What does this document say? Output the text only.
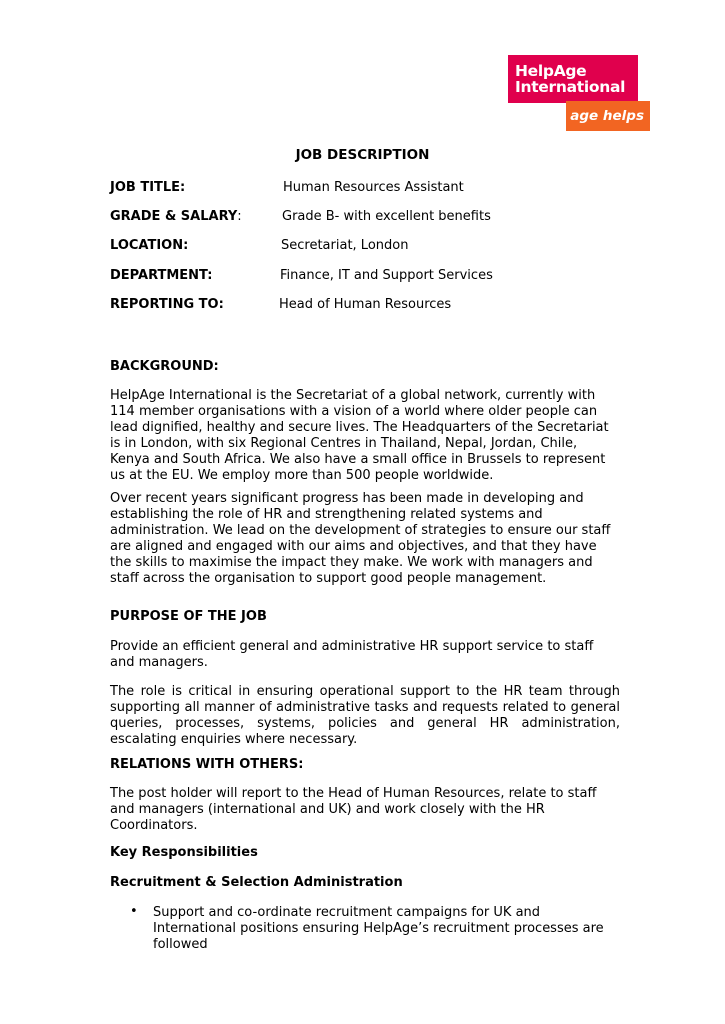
HelpAge
International
age helps
JOB DESCRIPTION
JOB TITLE:	Human Resources Assistant
GRADE & SALARY:	Grade B- with excellent benefits
LOCATION:	Secretariat, London
DEPARTMENT:	Finance, IT and Support Services
REPORTING TO:	Head of Human Resources
BACKGROUND:

HelpAge International is the Secretariat of a global network, currently with 114 member organisations with a vision of a world where older people can lead dignified, healthy and secure lives. The Headquarters of the Secretariat is in London, with six Regional Centres in Thailand, Nepal, Jordan, Chile, Kenya and South Africa. We also have a small office in Brussels to represent us at the EU. We employ more than 500 people worldwide.

Over recent years significant progress has been made in developing and establishing the role of HR and strengthening related systems and administration. We lead on the development of strategies to ensure our staff are aligned and engaged with our aims and objectives, and that they have the skills to maximise the impact they make. We work with managers and staff across the organisation to support good people management.

PURPOSE OF THE JOB

Provide an efficient general and administrative HR support service to staff and managers.

The role is critical in ensuring operational support to the HR team through supporting all manner of administrative tasks and requests related to general queries, processes, systems, policies and general HR administration, escalating enquiries where necessary.

RELATIONS WITH OTHERS:

The post holder will report to the Head of Human Resources, relate to staff and managers (international and UK) and work closely with the HR Coordinators.

Key Responsibilities
Recruitment & Selection Administration
• Support and co-ordinate recruitment campaigns for UK and International positions ensuring HelpAge’s recruitment processes are followed
